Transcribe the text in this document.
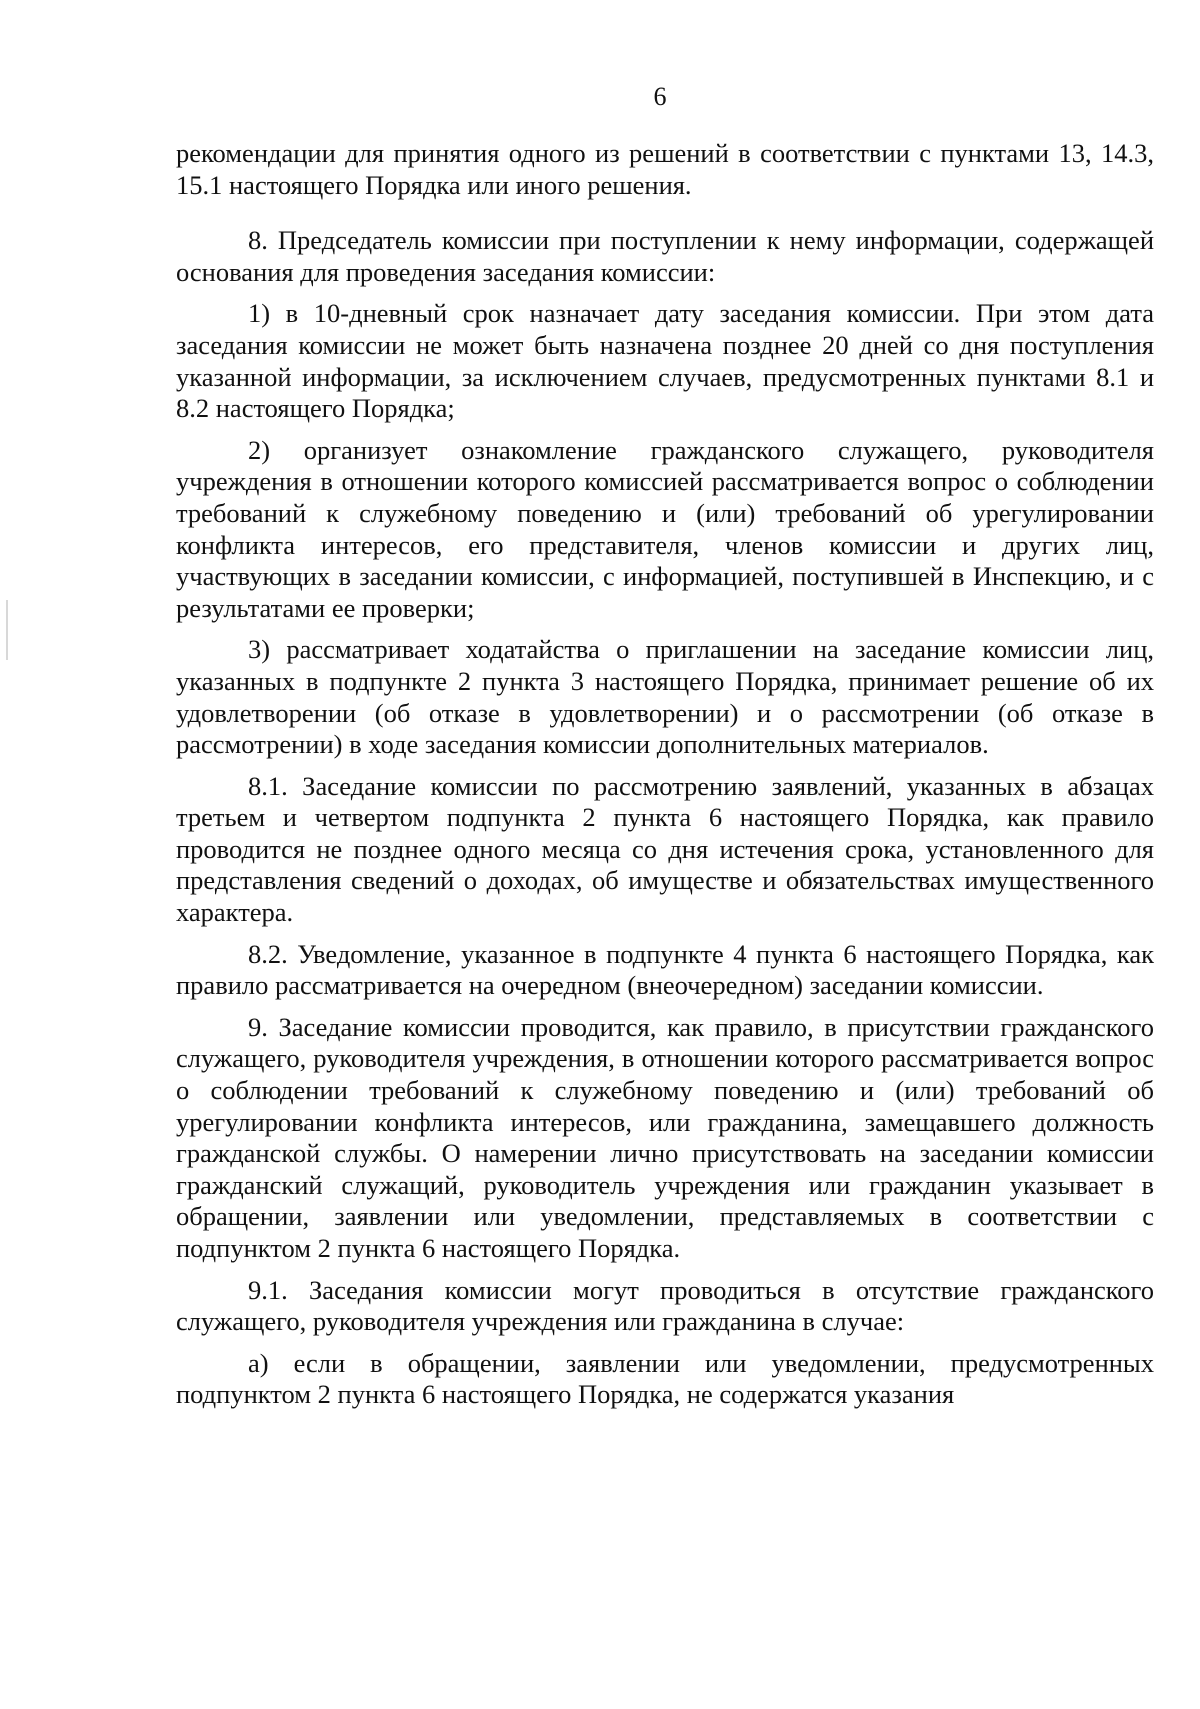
6

рекомендации для принятия одного из решений в соответствии с пунктами 13, 14.3, 15.1 настоящего Порядка или иного решения.

8. Председатель комиссии при поступлении к нему информации, содержащей основания для проведения заседания комиссии:

1) в 10-дневный срок назначает дату заседания комиссии. При этом дата заседания комиссии не может быть назначена позднее 20 дней со дня поступления указанной информации, за исключением случаев, предусмотренных пунктами 8.1 и 8.2 настоящего Порядка;

2) организует ознакомление гражданского служащего, руководителя учреждения в отношении которого комиссией рассматривается вопрос о соблюдении требований к служебному поведению и (или) требований об урегулировании конфликта интересов, его представителя, членов комиссии и других лиц, участвующих в заседании комиссии, с информацией, поступившей в Инспекцию, и с результатами ее проверки;

3) рассматривает ходатайства о приглашении на заседание комиссии лиц, указанных в подпункте 2 пункта 3 настоящего Порядка, принимает решение об их удовлетворении (об отказе в удовлетворении) и о рассмотрении (об отказе в рассмотрении) в ходе заседания комиссии дополнительных материалов.

8.1. Заседание комиссии по рассмотрению заявлений, указанных в абзацах третьем и четвертом подпункта 2 пункта 6 настоящего Порядка, как правило проводится не позднее одного месяца со дня истечения срока, установленного для представления сведений о доходах, об имуществе и обязательствах имущественного характера.

8.2. Уведомление, указанное в подпункте 4 пункта 6 настоящего Порядка, как правило рассматривается на очередном (внеочередном) заседании комиссии.

9. Заседание комиссии проводится, как правило, в присутствии гражданского служащего, руководителя учреждения, в отношении которого рассматривается вопрос о соблюдении требований к служебному поведению и (или) требований об урегулировании конфликта интересов, или гражданина, замещавшего должность гражданской службы. О намерении лично присутствовать на заседании комиссии гражданский служащий, руководитель учреждения или гражданин указывает в обращении, заявлении или уведомлении, представляемых в соответствии с подпунктом 2 пункта 6 настоящего Порядка.

9.1. Заседания комиссии могут проводиться в отсутствие гражданского служащего, руководителя учреждения или гражданина в случае:

а) если в обращении, заявлении или уведомлении, предусмотренных подпунктом 2 пункта 6 настоящего Порядка, не содержатся указания
